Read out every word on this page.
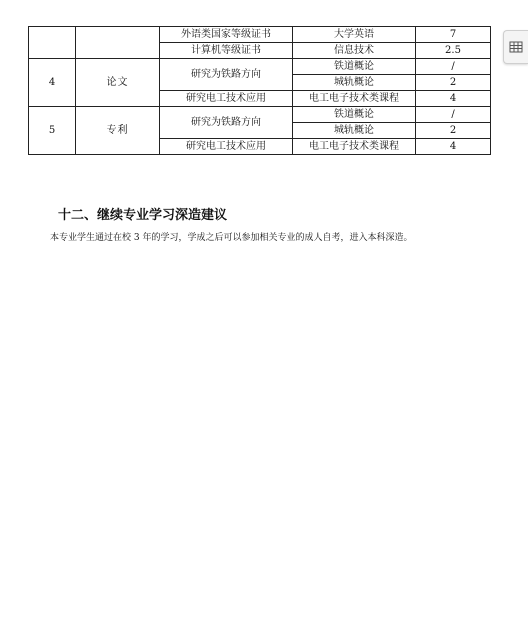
		外语类国家等级证书	大学英语	7
		计算机等级证书	信息技术	2.5
4	论文	研究为铁路方向	铁道概论	/
			城轨概论	2
		研究电工技术应用	电工电子技术类课程	4
5	专利	研究为铁路方向	铁道概论	/
			城轨概论	2
		研究电工技术应用	电工电子技术类课程	4
十二、继续专业学习深造建议

本专业学生通过在校 3 年的学习，学成之后可以参加相关专业的成人自考，进入本科深造。
